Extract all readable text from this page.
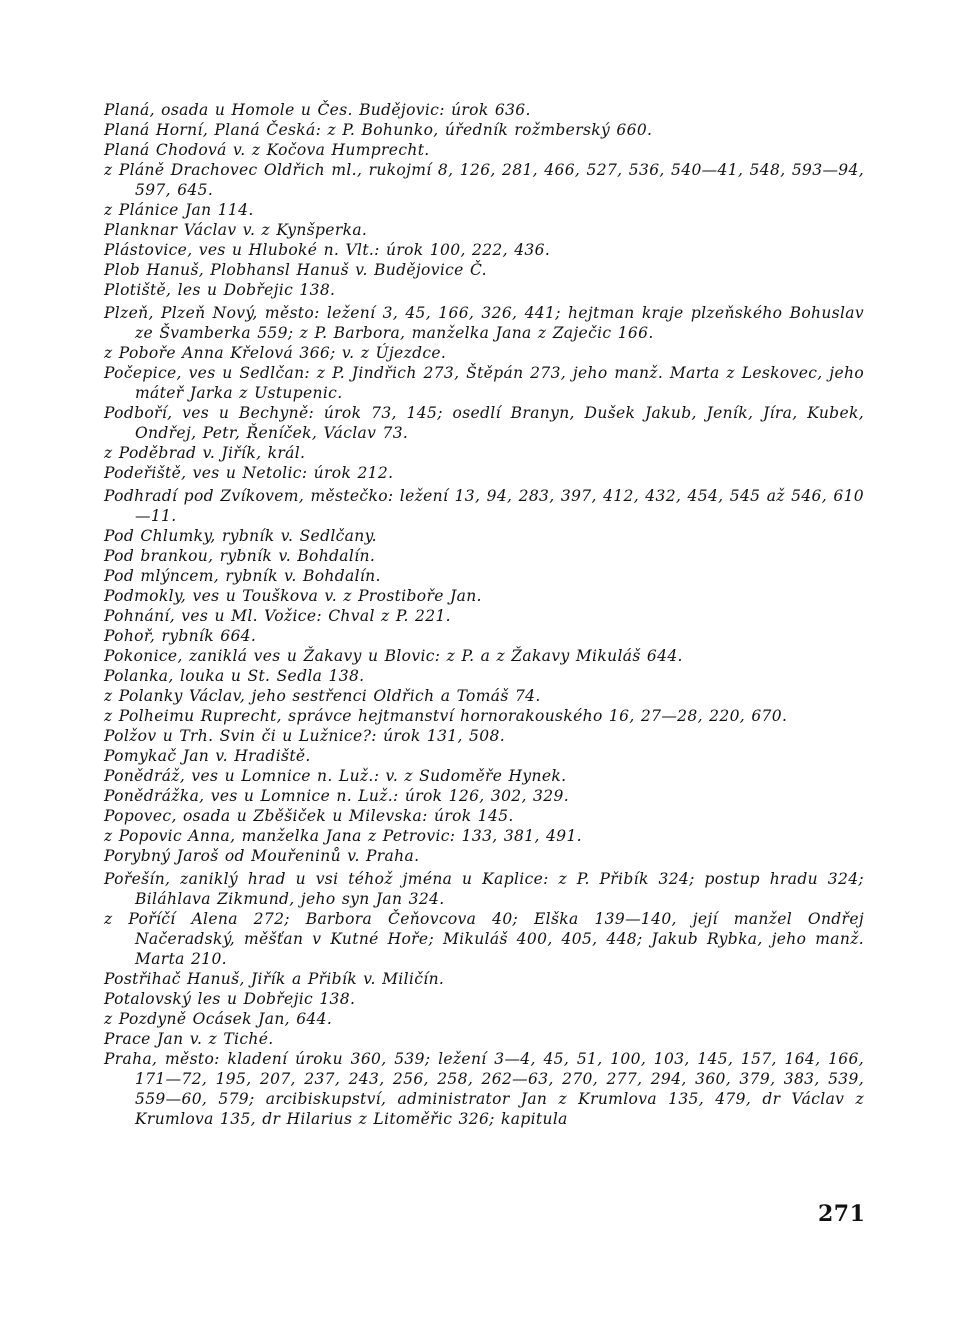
Planá, osada u Homole u Čes. Budějovic: úrok 636.

Planá Horní, Planá Česká: z P. Bohunko, úředník rožmberský 660.

Planá Chodová v. z Kočova Humprecht.

z Pláně Drachovec Oldřich ml., rukojmí 8, 126, 281, 466, 527, 536, 540—41, 548, 593—94, 597, 645.

z Plánice Jan 114.

Planknar Václav v. z Kynšperka.

Plástovice, ves u Hluboké n. Vlt.: úrok 100, 222, 436.

Plob Hanuš, Plobhansl Hanuš v. Budějovice Č.

Plotiště, les u Dobřejic 138.

Plzeň, Plzeň Nový, město: ležení 3, 45, 166, 326, 441; hejtman kraje plzeňského Bohuslav ze Švamberka 559; z P. Barbora, manželka Jana z Zaječic 166.

z Poboře Anna Křelová 366; v. z Újezdce.

Počepice, ves u Sedlčan: z P. Jindřich 273, Štěpán 273, jeho manž. Marta z Leskovec, jeho máteř Jarka z Ustupenic.

Podboří, ves u Bechyně: úrok 73, 145; osedlí Branyn, Dušek Jakub, Jeník, Jíra, Kubek, Ondřej, Petr, Řeníček, Václav 73.

z Poděbrad v. Jiřík, král.

Podeřiště, ves u Netolic: úrok 212.

Podhradí pod Zvíkovem, městečko: ležení 13, 94, 283, 397, 412, 432, 454, 545 až 546, 610—11.

Pod Chlumky, rybník v. Sedlčany.

Pod brankou, rybník v. Bohdalín.

Pod mlýncem, rybník v. Bohdalín.

Podmokly, ves u Touškova v. z Prostiboře Jan.

Pohnání, ves u Ml. Vožice: Chval z P. 221.

Pohoř, rybník 664.

Pokonice, zaniklá ves u Žakavy u Blovic: z P. a z Žakavy Mikuláš 644.

Polanka, louka u St. Sedla 138.

z Polanky Václav, jeho sestřenci Oldřich a Tomáš 74.

z Polheimu Ruprecht, správce hejtmanství hornorakouského 16, 27—28, 220, 670.

Polžov u Trh. Svin či u Lužnice?: úrok 131, 508.

Pomykač Jan v. Hradiště.

Ponědráž, ves u Lomnice n. Luž.: v. z Sudoměře Hynek.

Ponědrážka, ves u Lomnice n. Luž.: úrok 126, 302, 329.

Popovec, osada u Zběšiček u Milevska: úrok 145.

z Popovic Anna, manželka Jana z Petrovic: 133, 381, 491.

Porybný Jaroš od Mouřeninů v. Praha.

Pořešín, zaniklý hrad u vsi téhož jména u Kaplice: z P. Přibík 324; postup hradu 324; Biláhlava Zikmund, jeho syn Jan 324.

z Poříčí Alena 272; Barbora Čeňovcova 40; Elška 139—140, její manžel Ondřej Načeradský, měšťan v Kutné Hoře; Mikuláš 400, 405, 448; Jakub Rybka, jeho manž. Marta 210.

Postřihač Hanuš, Jiřík a Přibík v. Miličín.

Potalovský les u Dobřejic 138.

z Pozdyně Ocásek Jan, 644.

Prace Jan v. z Tiché.

Praha, město: kladení úroku 360, 539; ležení 3—4, 45, 51, 100, 103, 145, 157, 164, 166, 171—72, 195, 207, 237, 243, 256, 258, 262—63, 270, 277, 294, 360, 379, 383, 539, 559—60, 579; arcibiskupství, administrator Jan z Krumlova 135, 479, dr Václav z Krumlova 135, dr Hilarius z Litoměřic 326; kapitula

271
